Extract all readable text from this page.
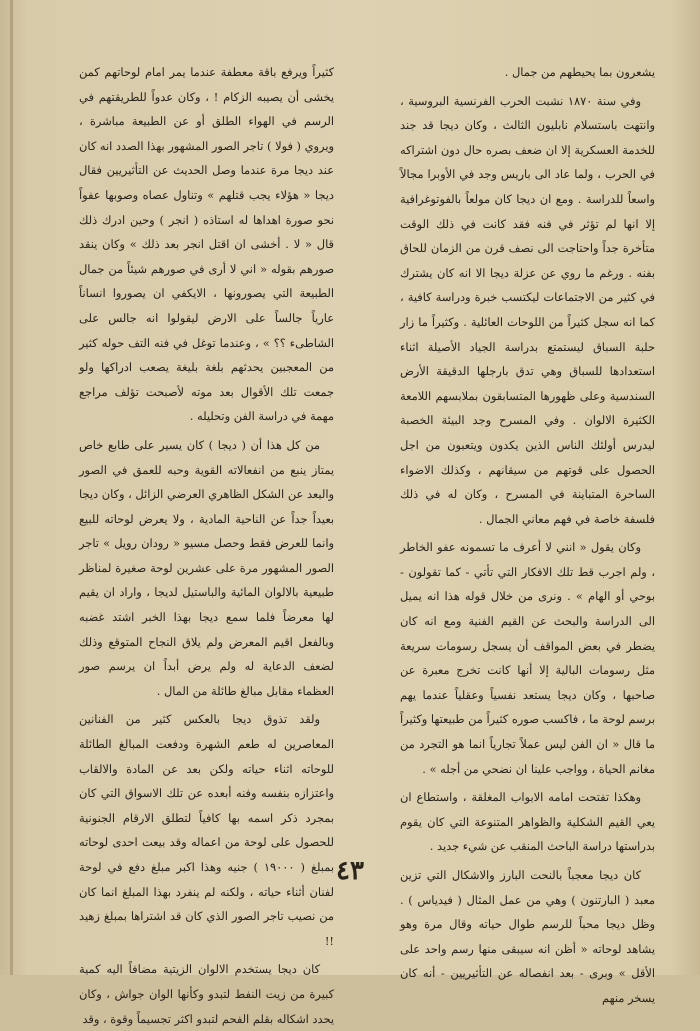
يشعرون بما يحيطهم من جمال .

وفي سنة ١٨٧٠ نشبت الحرب الفرنسية البروسية ، وانتهت باستسلام نابليون الثالث ، وكان ديجا قد جند للخدمة العسكرية إلا ان ضعف بصره حال دون اشتراكه في الحرب ، ولما عاد الى باريس وجد في الأوبرا مجالاً واسعاً للدراسة . ومع ان ديجا كان مولعاً بالفوتوغرافية إلا انها لم تؤثر في فنه فقد كانت في ذلك الوقت متأخرة جداً واحتاجت الى نصف قرن من الزمان للحاق بفنه . ورغم ما روي عن عزلة ديجا الا انه كان يشترك في كثير من الاجتماعات ليكتسب خبرة ودراسة كافية ، كما انه سجل كثيراً من اللوحات العائلية . وكثيراً ما زار حلبة السباق ليستمتع بدراسة الجياد الأصيلة اثناء استعدادها للسباق وهي تدق بارجلها الدقيقة الأرض السندسية وعلى ظهورها المتسابقون بملابسهم اللامعة الكثيرة الالوان . وفي المسرح وجد البيئة الخصبة ليدرس أولئك الناس الذين يكدون ويتعبون من اجل الحصول على قوتهم من سيقانهم ، وكذلك الاضواء الساحرة المتباينة في المسرح ، وكان له في ذلك فلسفة خاصة في فهم معاني الجمال .

وكان يقول « انني لا أعرف ما تسمونه عفو الخاطر ، ولم اجرب قط تلك الافكار التي تأتي - كما تقولون - بوحي أو الهام » . ونرى من خلال قوله هذا انه يميل الى الدراسة والبحث عن القيم الفنية ومع انه كان يضطر في بعض المواقف أن يسجل رسومات سريعة مثل رسومات البالية إلا أنها كانت تخرج معبرة عن صاحبها ، وكان ديجا يستعد نفسياً وعقلياً عندما يهم برسم لوحة ما ، فاكسب صوره كثيراً من طبيعتها وكثيراً ما قال « ان الفن ليس عملاً تجارياً انما هو التجرد من مغانم الحياة ، وواجب علينا ان نضحي من أجله » .

وهكذا تفتحت امامه الابواب المغلقة ، واستطاع ان يعي القيم الشكلية والظواهر المتنوعة التي كان يقوم بدراستها دراسة الباحث المنقب عن شيء جديد .

كان ديجا معجباً بالنحت البارز والاشكال التي تزين معبد ( البارتنون ) وهي من عمل المثال ( فيدياس ) . وظل ديجا محباً للرسم طوال حياته وقال مرة وهو يشاهد لوحاته « أظن انه سيبقى منها رسم واحد على الأقل » وبرى - بعد انفصاله عن التأثيريين - أنه كان يسخر منهم

كثيراً ويرفع باقة معطفة عندما يمر امام لوحاتهم كمن يخشى أن يصيبه الزكام ! ، وكان عدواً للطريقتهم في الرسم في الهواء الطلق أو عن الطبيعة مباشرة ، ويروي ( فولا ) تاجر الصور المشهور بهذا الصدد انه كان عند ديجا مرة عندما وصل الحديث عن التأثيريين فقال ديجا « هؤلاء يجب قتلهم » وتناول عصاه وصوبها عفواً نحو صورة اهداها له استاذه ( انجر ) وحين ادرك ذلك قال « لا . أخشى ان اقتل انجر بعد ذلك » وكان ينقد صورهم بقوله « اني لا أرى في صورهم شيئاً من جمال الطبيعة التي يصورونها ، الايكفي ان يصوروا انساناً عارياً جالساً على الارض ليقولوا انه جالس على الشاطىء ؟؟ » ، وعندما توغل في فنه التف حوله كثير من المعجبين يحدثهم بلغة بليغة يصعب ادراكها ولو جمعت تلك الأقوال بعد موته لأصبحت تؤلف مراجع مهمة في دراسة الفن وتحليله .

من كل هذا أن ( ديجا ) كان يسير على طابع خاص يمتاز ينبع من انفعالاته القوية وحبه للعمق في الصور والبعد عن الشكل الظاهري العرضي الزائل ، وكان ديجا بعيداً جداً عن الناحية المادية ، ولا يعرض لوحاته للبيع وانما للعرض فقط وحصل مسيو « رودان رويل » تاجر الصور المشهور مرة على عشرين لوحة صغيرة لمناظر طبيعية بالالوان المائية والباستيل لديجا ، واراد ان يقيم لها معرضاً فلما سمع ديجا بهذا الخبر اشتد غضبه وبالفعل اقيم المعرض ولم يلاق النجاح المتوقع وذلك لضعف الدعاية له ولم يرض أبداً ان يرسم صور العظماء مقابل مبالغ طائلة من المال .

ولقد تذوق ديجا بالعكس كثير من الفنانين المعاصرين له طعم الشهرة ودفعت المبالغ الطائلة للوحاته اثناء حياته ولكن بعد عن المادة والالقاب واعتزازه بنفسه وفنه أبعده عن تلك الاسواق التي كان بمجرد ذكر اسمه بها كافياً لتطلق الارقام الجنونية للحصول على لوحة من اعماله وقد بيعت احدى لوحاته بمبلغ ( ١٩٠٠٠ ) جنيه وهذا اكبر مبلغ دفع في لوحة لفنان أثناء حياته ، ولكنه لم ينفرد بهذا المبلغ انما كان من نصيب تاجر الصور الذي كان قد اشتراها بمبلغ زهيد !!

كان ديجا يستخدم الالوان الزيتية مضافاً اليه كمية كبيرة من زيت النفط لتبدو وكأنها الوان جواش ، وكان يحدد اشكاله بقلم الفحم لتبدو اكثر تجسيماً وقوة ، وقد

٤٣
